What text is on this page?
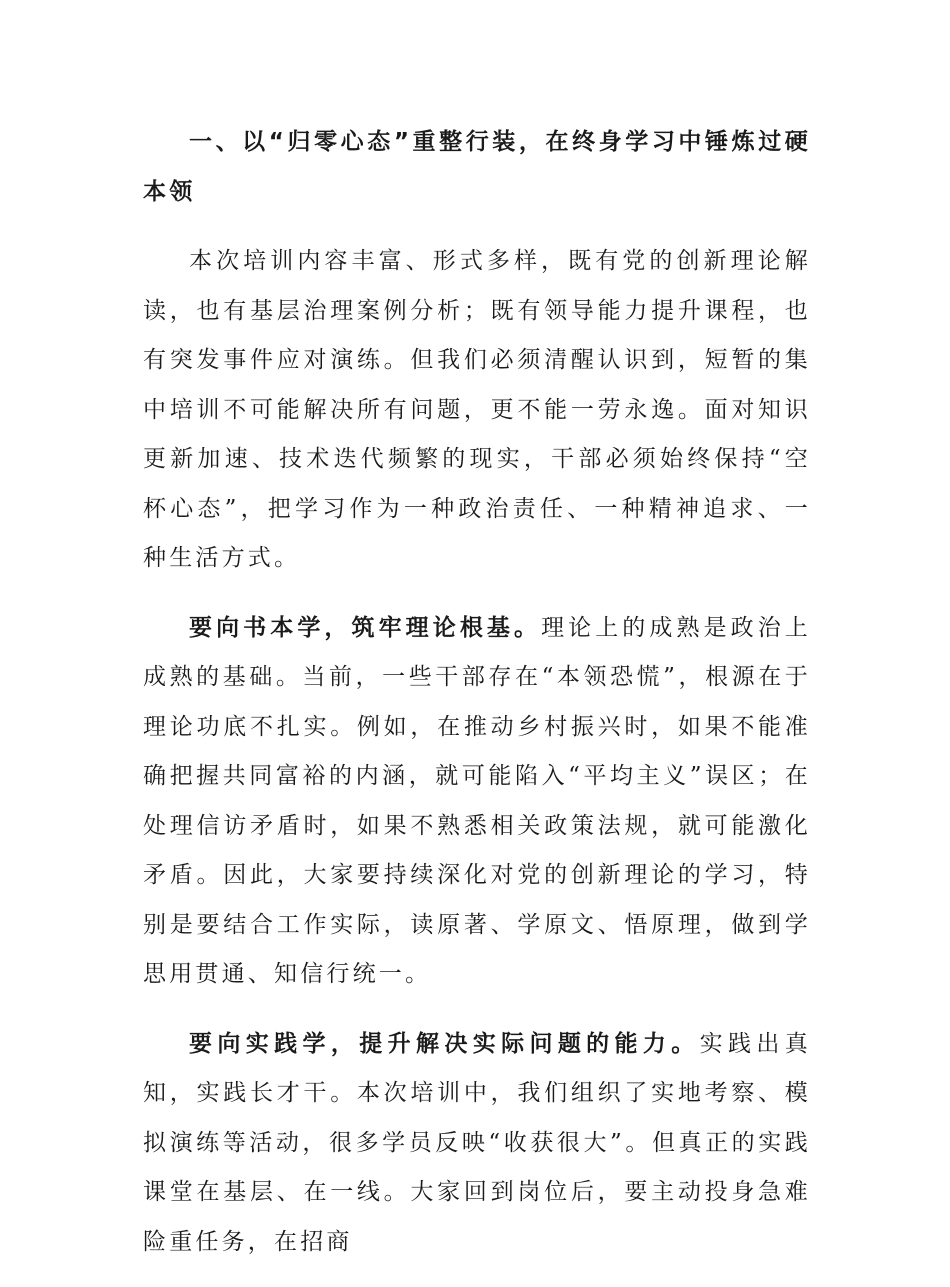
一、以“归零心态”重整行装，在终身学习中锤炼过硬本领

本次培训内容丰富、形式多样，既有党的创新理论解读，也有基层治理案例分析；既有领导能力提升课程，也有突发事件应对演练。但我们必须清醒认识到，短暂的集中培训不可能解决所有问题，更不能一劳永逸。面对知识更新加速、技术迭代频繁的现实，干部必须始终保持“空杯心态”，把学习作为一种政治责任、一种精神追求、一种生活方式。

要向书本学，筑牢理论根基。理论上的成熟是政治上成熟的基础。当前，一些干部存在“本领恐慌”，根源在于理论功底不扎实。例如，在推动乡村振兴时，如果不能准确把握共同富裕的内涵，就可能陷入“平均主义”误区；在处理信访矛盾时，如果不熟悉相关政策法规，就可能激化矛盾。因此，大家要持续深化对党的创新理论的学习，特别是要结合工作实际，读原著、学原文、悟原理，做到学思用贯通、知信行统一。

要向实践学，提升解决实际问题的能力。实践出真知，实践长才干。本次培训中，我们组织了实地考察、模拟演练等活动，很多学员反映“收获很大”。但真正的实践课堂在基层、在一线。大家回到岗位后，要主动投身急难险重任务，在招商
